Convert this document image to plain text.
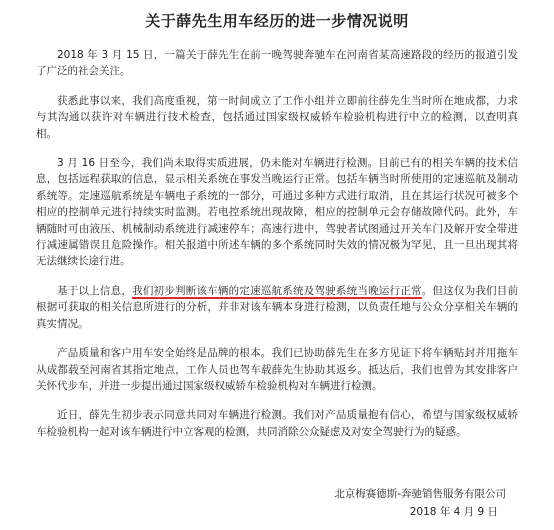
关于薛先生用车经历的进一步情况说明

2018 年 3 月 15 日，一篇关于薛先生在前一晚驾驶奔驰车在河南省某高速路段的经历的报道引发了广泛的社会关注。

获悉此事以来，我们高度重视，第一时间成立了工作小组并立即前往薛先生当时所在地成都，力求与其沟通以获许对车辆进行技术检查，包括通过国家级权威轿车检验机构进行中立的检测，以查明真相。

3 月 16 日至今，我们尚未取得实质进展，仍未能对车辆进行检测。目前已有的相关车辆的技术信息，包括远程获取的信息，显示相关系统在事发当晚运行正常。包括车辆当时所使用的定速巡航及制动系统等。定速巡航系统是车辆电子系统的一部分，可通过多种方式进行取消，且在其运行状况可被多个相应的控制单元进行持续实时监测。若电控系统出现故障，相应的控制单元会存储故障代码。此外，车辆随时可由液压、机械制动系统进行减速停车；高速行进中，驾驶者试图通过开关车门及解开安全带进行减速属错误且危险操作。相关报道中所述车辆的多个系统同时失效的情况极为罕见，且一旦出现其将无法继续长途行进。

基于以上信息，我们初步判断该车辆的定速巡航系统及驾驶系统当晚运行正常。但这仅为我们目前根据可获取的相关信息所进行的分析，并非对该车辆本身进行检测，以负责任地与公众分享相关车辆的真实情况。

产品质量和客户用车安全始终是品牌的根本。我们已协助薛先生在多方见证下将车辆贴封并用拖车从成都载至河南省其指定地点，工作人员也驾车载薛先生协助其返乡。抵达后，我们也曾为其安排客户关怀代步车，并进一步提出通过国家级权威轿车检验机构对车辆进行检测。

近日，薛先生初步表示同意共同对车辆进行检测。我们对产品质量抱有信心，希望与国家级权威轿车检验机构一起对该车辆进行中立客观的检测，共同消除公众疑虑及对安全驾驶行为的疑惑。

北京梅赛德斯-奔驰销售服务有限公司
2018 年 4 月 9 日
